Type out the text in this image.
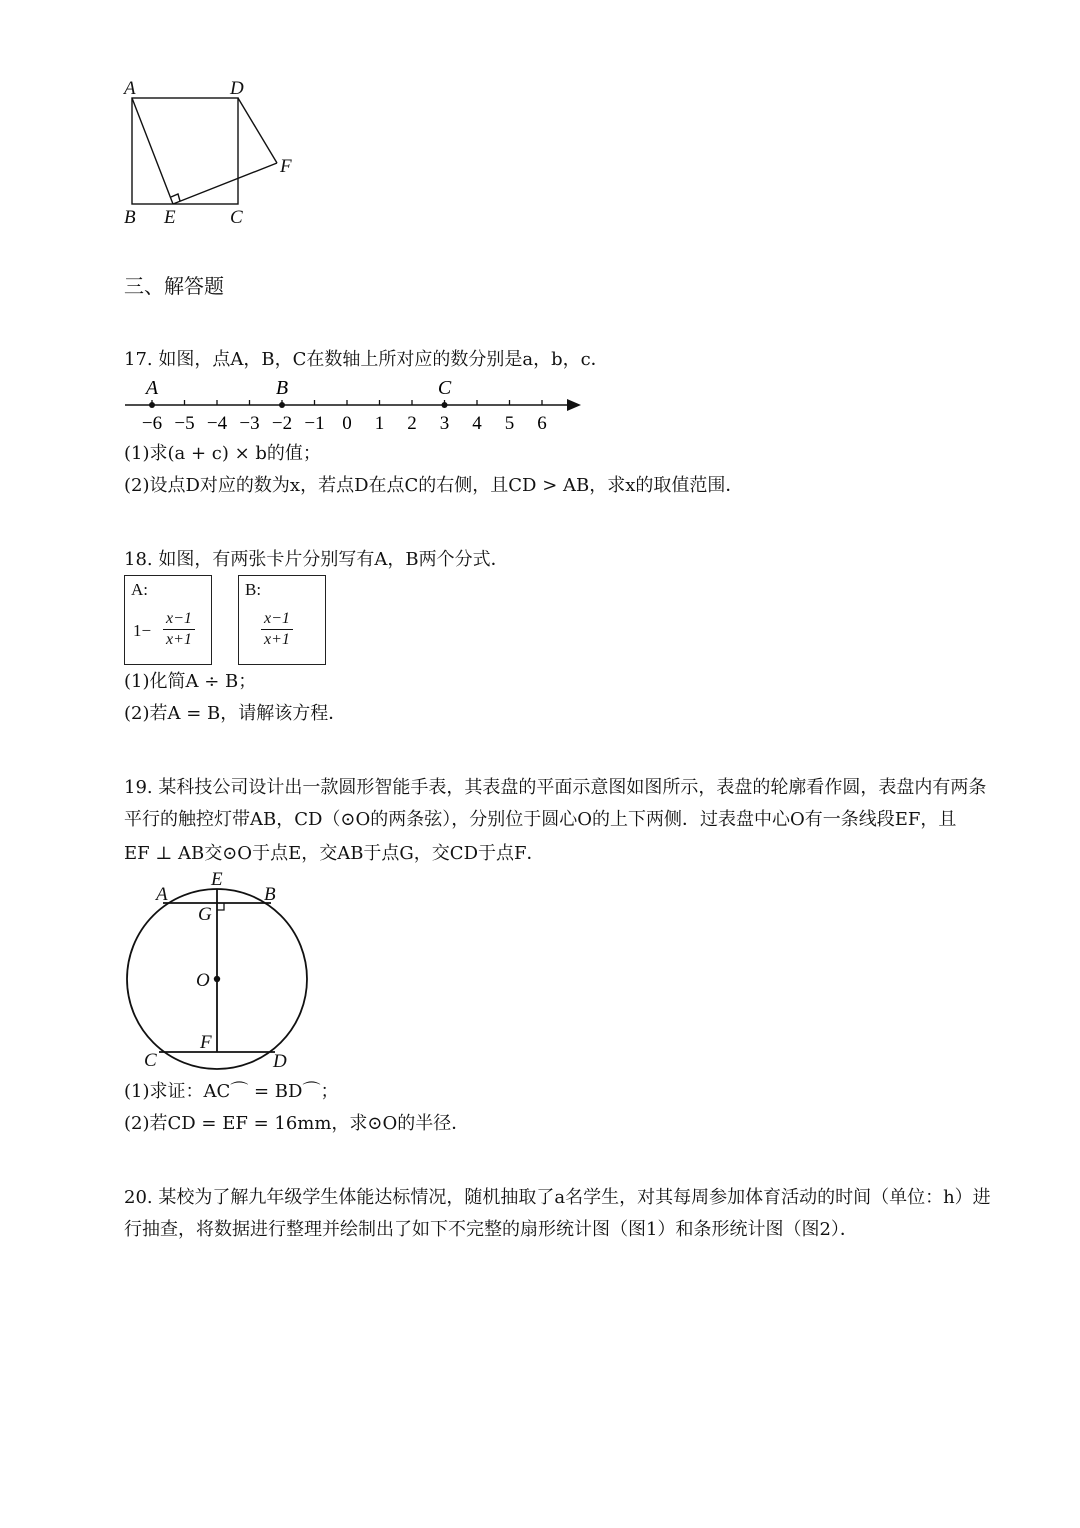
A	D
F
B E	C
三、解答题
17. 如图，点A，B，C在数轴上所对应的数分别是a，b，c．
−6 −5 −4 −3 −2 −1 0 1 2 3 4 5 6
A	B	C
(1)求(a + c) × b的值；
(2)设点D对应的数为x，若点D在点C的右侧，且CD > AB，求x的取值范围．
18. 如图，有两张卡片分别写有A，B两个分式．
A:
1−
x−1
x+1
B:
x−1
x+1
(1)化简A ÷ B；
(2)若A = B，请解该方程．
19. 某科技公司设计出一款圆形智能手表，其表盘的平面示意图如图所示，表盘的轮廓看作圆，表盘内有两条
平行的触控灯带AB，CD（⊙O的两条弦），分别位于圆心O的上下两侧．过表盘中心O有一条线段EF，且
EF ⊥ AB交⊙O于点E，交AB于点G，交CD于点F．
A
E
B
G
O
F
C	D
(1)求证：AC⌒ = BD⌒；
(2)若CD = EF = 16mm，求⊙O的半径．
20. 某校为了解九年级学生体能达标情况，随机抽取了a名学生，对其每周参加体育活动的时间（单位：h）进
行抽查，将数据进行整理并绘制出了如下不完整的扇形统计图（图1）和条形统计图（图2）．
